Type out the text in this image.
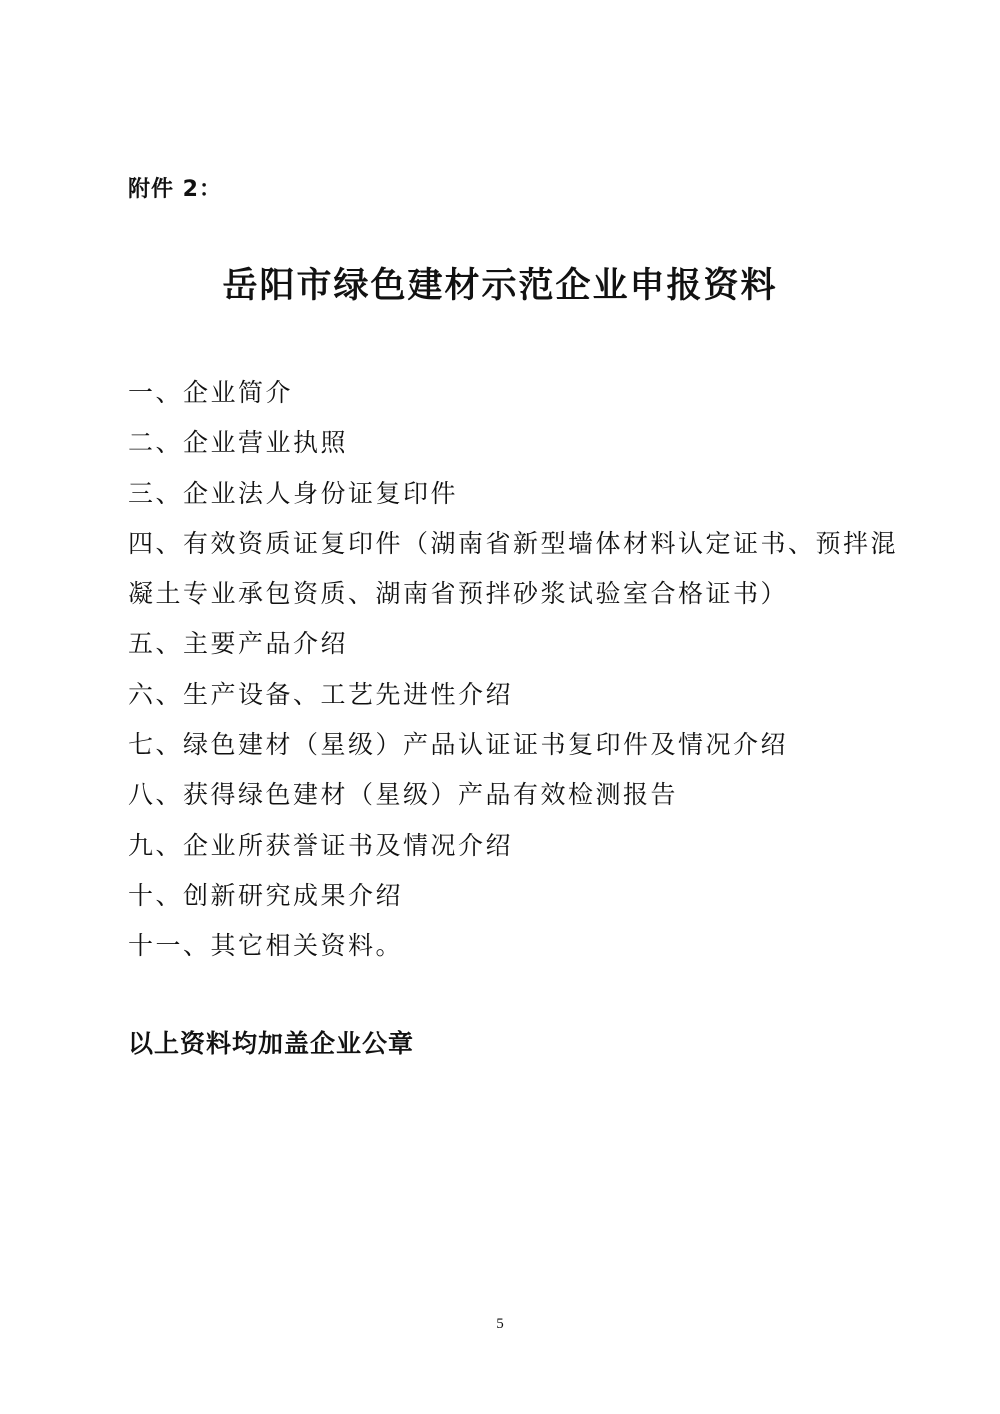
附件 2：
岳阳市绿色建材示范企业申报资料
一、企业简介
二、企业营业执照
三、企业法人身份证复印件
四、有效资质证复印件（湖南省新型墙体材料认定证书、预拌混
凝土专业承包资质、湖南省预拌砂浆试验室合格证书）
五、主要产品介绍
六、生产设备、工艺先进性介绍
七、绿色建材（星级）产品认证证书复印件及情况介绍
八、获得绿色建材（星级）产品有效检测报告
九、企业所获誉证书及情况介绍
十、创新研究成果介绍
十一、其它相关资料。
以上资料均加盖企业公章
5
